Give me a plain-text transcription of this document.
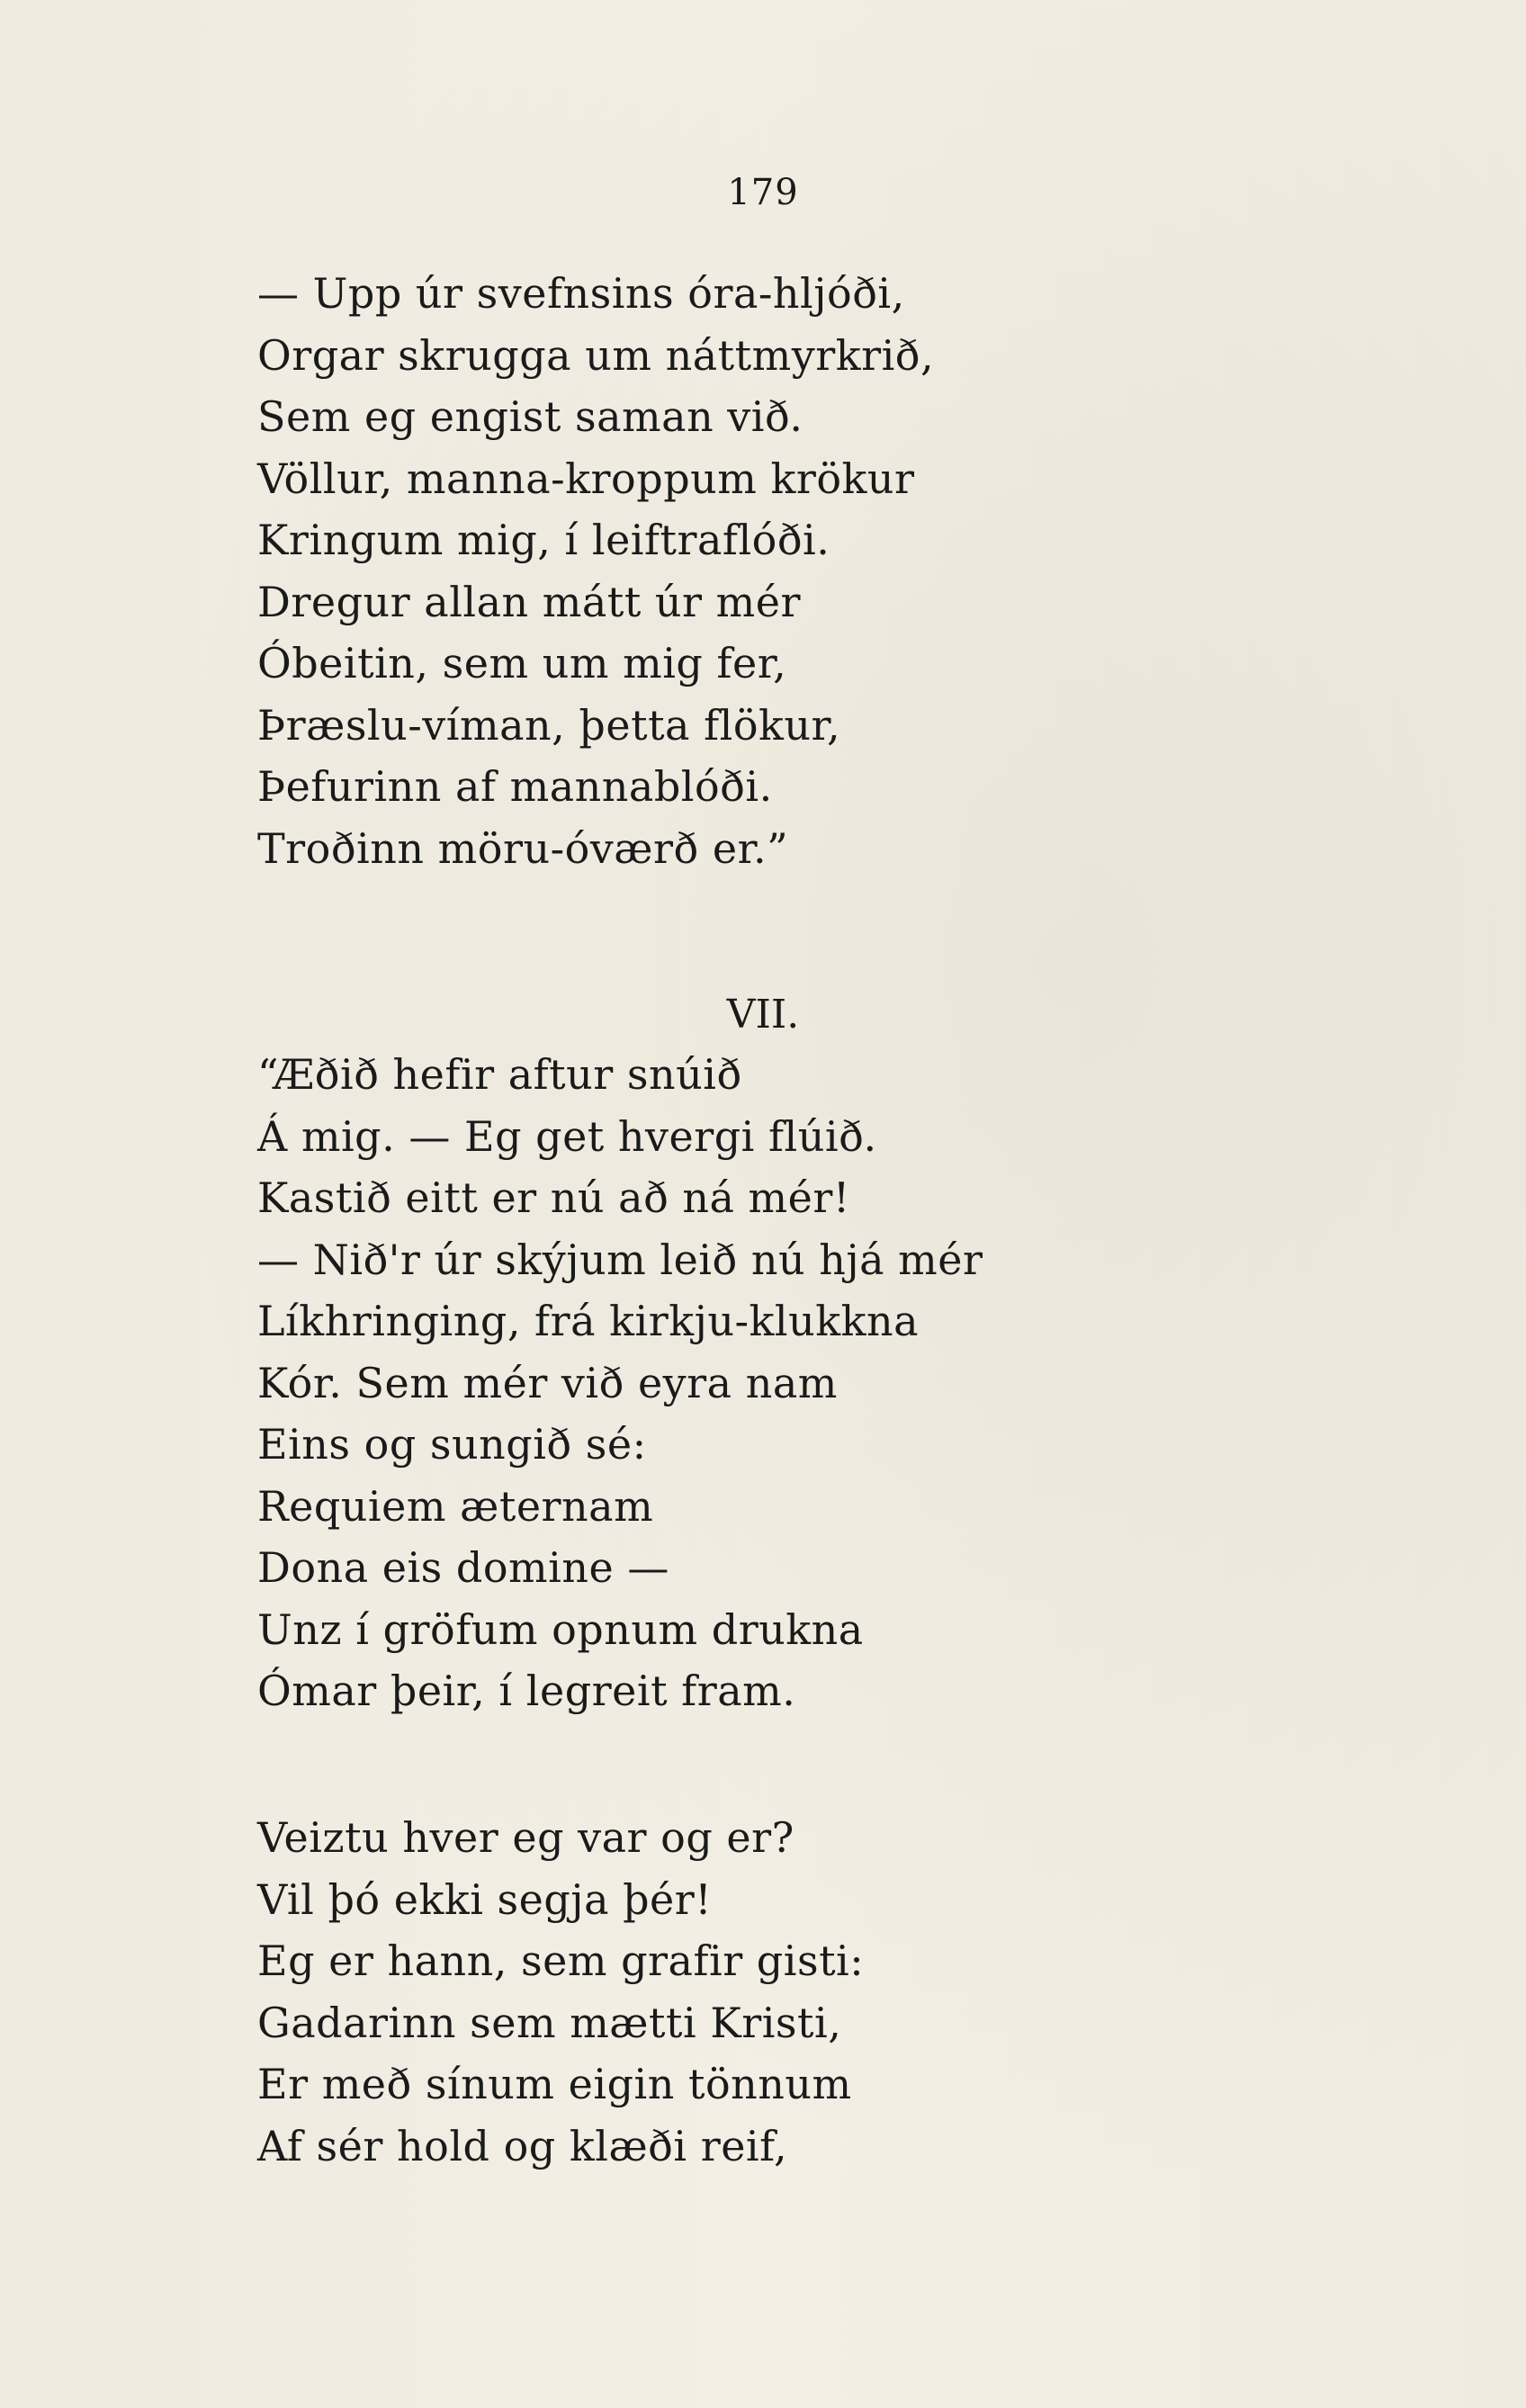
179
— Upp úr svefnsins óra-hljóði,
Orgar skrugga um náttmyrkrið,
Sem eg engist saman við.
Völlur, manna-kroppum krökur
Kringum mig, í leiftraflóði.
Dregur allan mátt úr mér
Óbeitin, sem um mig fer,
Þræslu-víman, þetta flökur,
Þefurinn af mannablóði.
Troðinn möru-óværð er.”
VII.
“Æðið hefir aftur snúið
Á mig. — Eg get hvergi flúið.
Kastið eitt er nú að ná mér!
— Nið'r úr skýjum leið nú hjá mér
Líkhringing, frá kirkju-klukkna
Kór. Sem mér við eyra nam
Eins og sungið sé:
Requiem æternam
Dona eis domine —
Unz í gröfum opnum drukna
Ómar þeir, í legreit fram.
Veiztu hver eg var og er?
Vil þó ekki segja þér!
Eg er hann, sem grafir gisti:
Gadarinn sem mætti Kristi,
Er með sínum eigin tönnum
Af sér hold og klæði reif,
